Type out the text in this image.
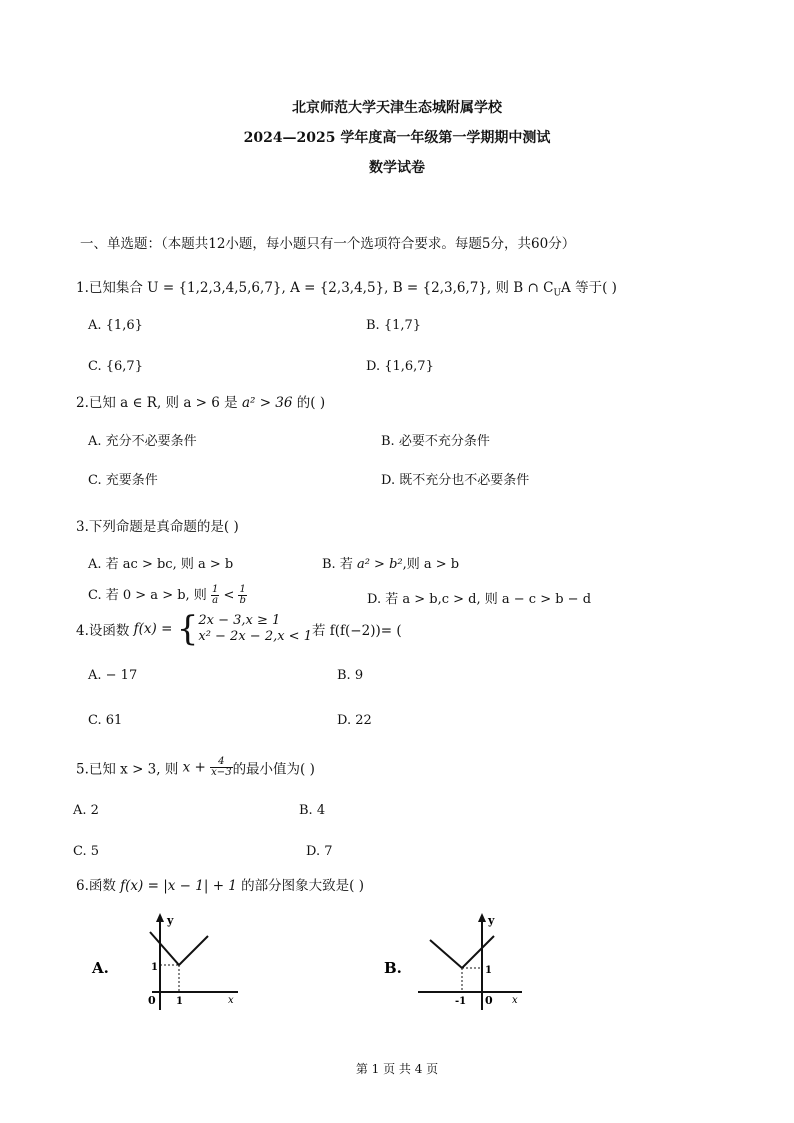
北京师范大学天津生态城附属学校
2024—2025 学年度高一年级第一学期期中测试
数学试卷
一、单选题：（本题共12小题，每小题只有一个选项符合要求。每题5分，共60分）
1.已知集合 U = {1,2,3,4,5,6,7}, A = {2,3,4,5}, B = {2,3,6,7}, 则 B ∩ $C_UA$ 等于( )
A. {1,6}	B. {1,7}
C. {6,7}	D. {1,6,7}
2.已知 a ∈ R, 则 a > 6 是 a² > 36 的( )
A. 充分不必要条件	B. 必要不充分条件
C. 充要条件	D. 既不充分也不必要条件
3.下列命题是真命题的是( )
A. 若 ac > bc, 则 a > b	B. 若 a² > b²,则 a > b
C. 若 0 > a > b, 则 $\frac{1}{a} < \frac{1}{b}$	D. 若 a > b,c > d, 则 a − c > b − d
4.设函数 f(x) = { 2x − 3,x ≥ 1
x² − 2x − 2,x < 1 若 f(f(−2))= (
A. − 17	B. 9
C. 61	D. 22
5.已知 x > 3, 则 $x + \frac{4}{x-3}$ 的最小值为( )
A. 2	B. 4
C. 5	D. 7
6.函数 f(x) = |x − 1| + 1 的部分图象大致是( )
A.
y
x
0
1
1
B.
y
x
0
1
-1
第 1 页 共 4 页
